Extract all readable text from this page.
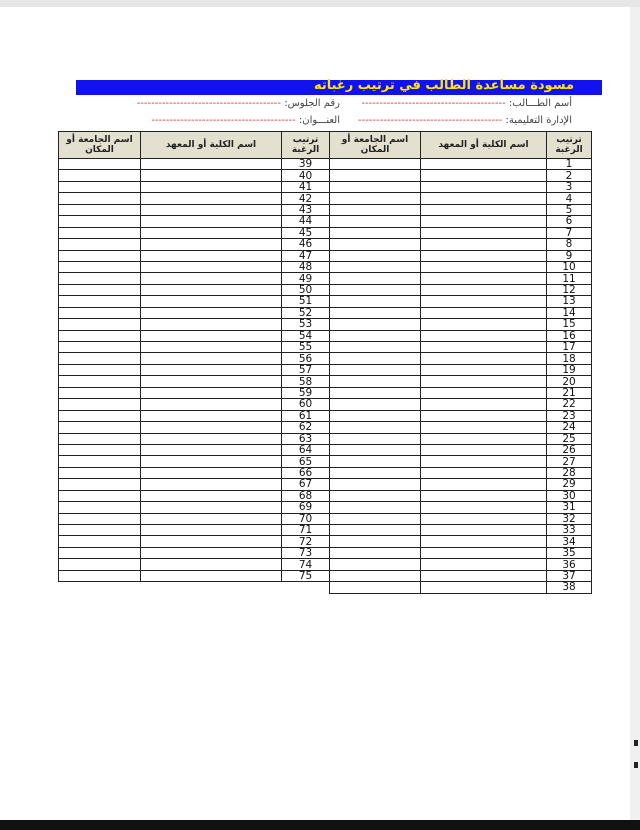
مسودة مساعدة الطالب في ترتيب رغباته
أسم الطـــالب: ----------------------------------------
رقم الجلوس: ----------------------------------------
الإدارة التعليمية: ----------------------------------------
العنـــوان: ----------------------------------------
اسم الجامعة أو المكان	اسم الكلية أو المعهد	ترتيب الرغبة	اسم الجامعة أو المكان	اسم الكلية أو المعهد	ترتيب الرغبة
		39			1
		40			2
		41			3
		42			4
		43			5
		44			6
		45			7
		46			8
		47			9
		48			10
		49			11
		50			12
		51			13
		52			14
		53			15
		54			16
		55			17
		56			18
		57			19
		58			20
		59			21
		60			22
		61			23
		62			24
		63			25
		64			26
		65			27
		66			28
		67			29
		68			30
		69			31
		70			32
		71			33
		72			34
		73			35
		74			36
		75			37
					38
